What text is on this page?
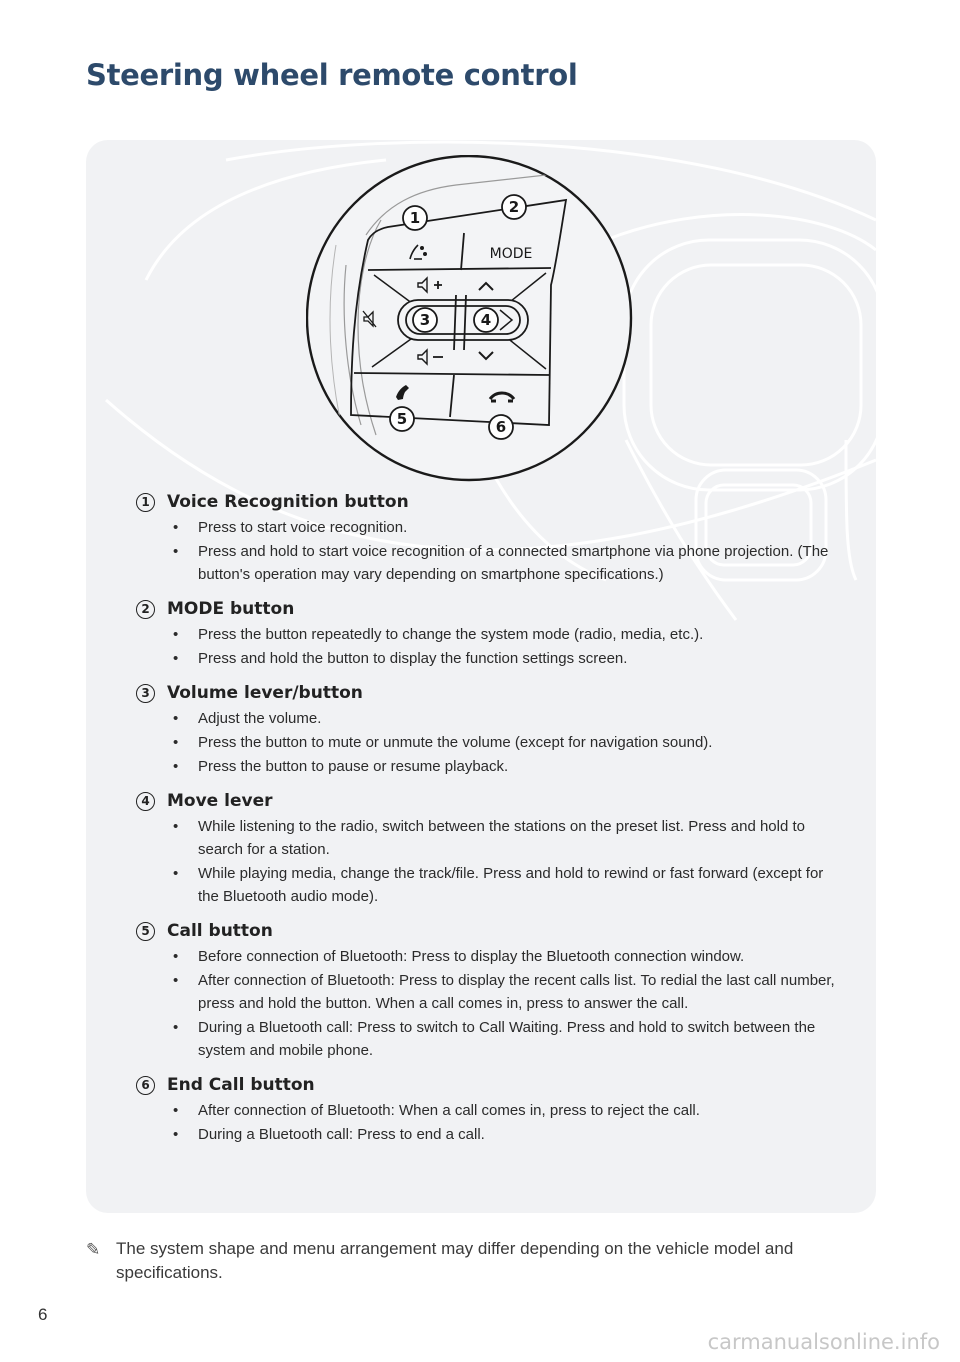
Steering wheel remote control
MODE
1
2
3	4
5	6
1	Voice Recognition button
• Press to start voice recognition.
• Press and hold to start voice recognition of a connected smartphone via phone projection. (The button's operation may vary depending on smartphone specifications.)
2	MODE button
• Press the button repeatedly to change the system mode (radio, media, etc.).
• Press and hold the button to display the function settings screen.
3	Volume lever/button
• Adjust the volume.
• Press the button to mute or unmute the volume (except for navigation sound).
• Press the button to pause or resume playback.
4	Move lever
• While listening to the radio, switch between the stations on the preset list. Press and hold to search for a station.
• While playing media, change the track/file. Press and hold to rewind or fast forward (except for the Bluetooth audio mode).
5	Call button
• Before connection of Bluetooth: Press to display the Bluetooth connection window.
• After connection of Bluetooth: Press to display the recent calls list. To redial the last call number, press and hold the button. When a call comes in, press to answer the call.
• During a Bluetooth call: Press to switch to Call Waiting. Press and hold to switch between the system and mobile phone.
6	End Call button
• After connection of Bluetooth: When a call comes in, press to reject the call.
• During a Bluetooth call: Press to end a call.
✎ The system shape and menu arrangement may differ depending on the vehicle model and specifications.
6
carmanualsonline.info
